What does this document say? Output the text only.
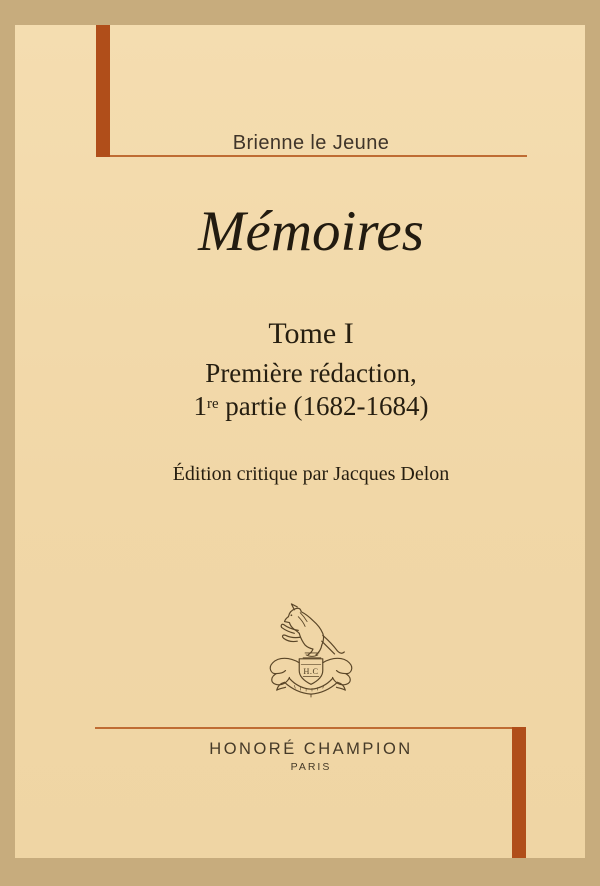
Brienne le Jeune
Mémoires
Tome I
Première rédaction,
1re partie (1682-1684)
Édition critique par Jacques Delon
H.C
HONORÉ CHAMPION
PARIS
